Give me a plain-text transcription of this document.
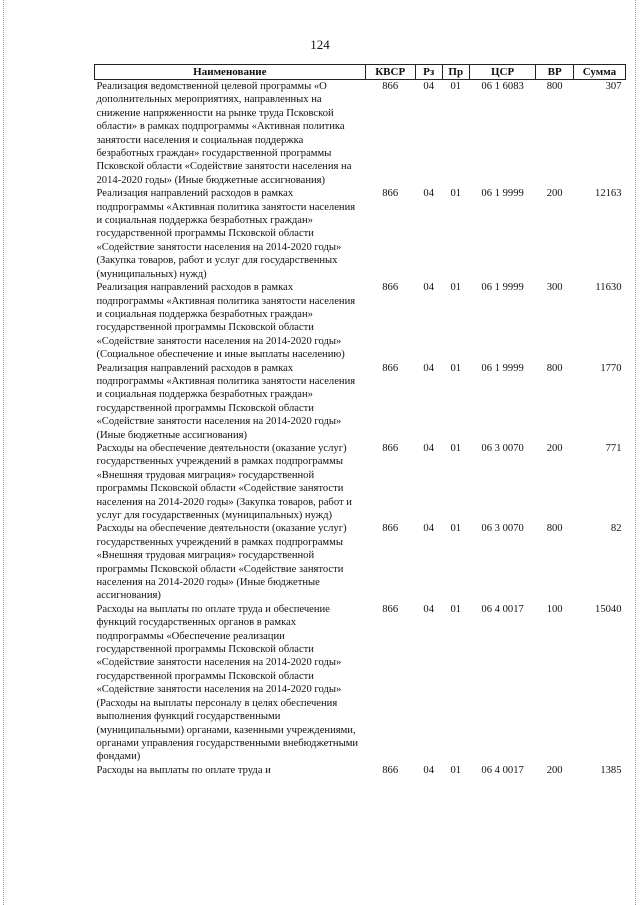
124
Наименование	КВСР	Рз	Пр	ЦСР	ВР	Сумма
Реализация ведомственной целевой программы «О дополнительных мероприятиях, направленных на снижение напряженности на рынке труда Псковской области» в рамках подпрограммы «Активная политика занятости населения и социальная поддержка безработных граждан» государственной программы Псковской области «Содействие занятости населения на 2014-2020 годы» (Иные бюджетные ассигнования)	866	04	01	06 1 6083	800	307
Реализация направлений расходов в рамках подпрограммы «Активная политика занятости населения и социальная поддержка безработных граждан» государственной программы Псковской области «Содействие занятости населения на 2014-2020 годы» (Закупка товаров, работ и услуг для государственных (муниципальных) нужд)	866	04	01	06 1 9999	200	12163
Реализация направлений расходов в рамках подпрограммы «Активная политика занятости населения и социальная поддержка безработных граждан» государственной программы Псковской области «Содействие занятости населения на 2014-2020 годы» (Социальное обеспечение и иные выплаты населению)	866	04	01	06 1 9999	300	11630
Реализация направлений расходов в рамках подпрограммы «Активная политика занятости населения и социальная поддержка безработных граждан» государственной программы Псковской области «Содействие занятости населения на 2014-2020 годы» (Иные бюджетные ассигнования)	866	04	01	06 1 9999	800	1770
Расходы на обеспечение деятельности (оказание услуг) государственных учреждений в рамках подпрограммы «Внешняя трудовая миграция» государственной программы Псковской области «Содействие занятости населения на 2014-2020 годы» (Закупка товаров, работ и услуг для государственных (муниципальных) нужд)	866	04	01	06 3 0070	200	771
Расходы на обеспечение деятельности (оказание услуг) государственных учреждений в рамках подпрограммы «Внешняя трудовая миграция» государственной программы Псковской области «Содействие занятости населения на 2014-2020 годы» (Иные бюджетные ассигнования)	866	04	01	06 3 0070	800	82
Расходы на выплаты по оплате труда и обеспечение функций государственных органов в рамках подпрограммы «Обеспечение реализации государственной программы Псковской области «Содействие занятости населения на 2014-2020 годы» государственной программы Псковской области «Содействие занятости населения на 2014-2020 годы» (Расходы на выплаты персоналу в целях обеспечения выполнения функций государственными (муниципальными) органами, казенными учреждениями, органами управления государственными внебюджетными фондами)	866	04	01	06 4 0017	100	15040
Расходы на выплаты по оплате труда и	866	04	01	06 4 0017	200	1385
